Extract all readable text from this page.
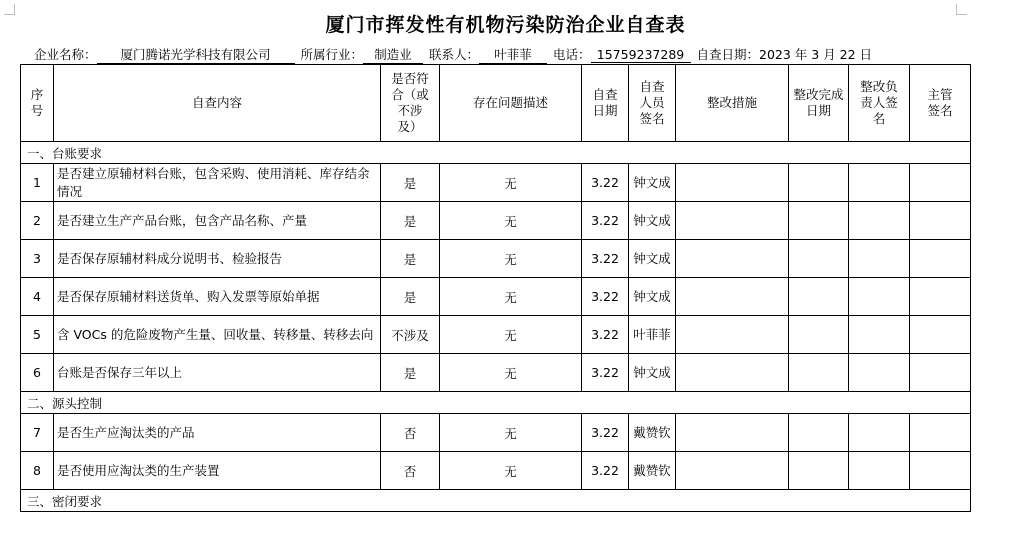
厦门市挥发性有机物污染防治企业自查表
企业名称： 厦门腾诺光学科技有限公司 所属行业： 制造业 联系人： 叶菲菲 电话： 15759237289 自查日期：2023 年 3 月 22 日
序号	自查内容	是否符合（或不涉及）	存在问题描述	自查日期	自查人员签名	整改措施	整改完成日期	整改负责人签名	主管签名
一、台账要求									
1	是否建立原辅材料台账，包含采购、使用消耗、库存结余情况	是	无	3.22	钟文成				
2	是否建立生产产品台账，包含产品名称、产量	是	无	3.22	钟文成				
3	是否保存原辅材料成分说明书、检验报告	是	无	3.22	钟文成				
4	是否保存原辅材料送货单、购入发票等原始单据	是	无	3.22	钟文成				
5	含 VOCs 的危险废物产生量、回收量、转移量、转移去向	不涉及	无	3.22	叶菲菲				
6	台账是否保存三年以上	是	无	3.22	钟文成				
二、源头控制									
7	是否生产应淘汰类的产品	否	无	3.22	戴赞钦				
8	是否使用应淘汰类的生产装置	否	无	3.22	戴赞钦				
三、密闭要求									
